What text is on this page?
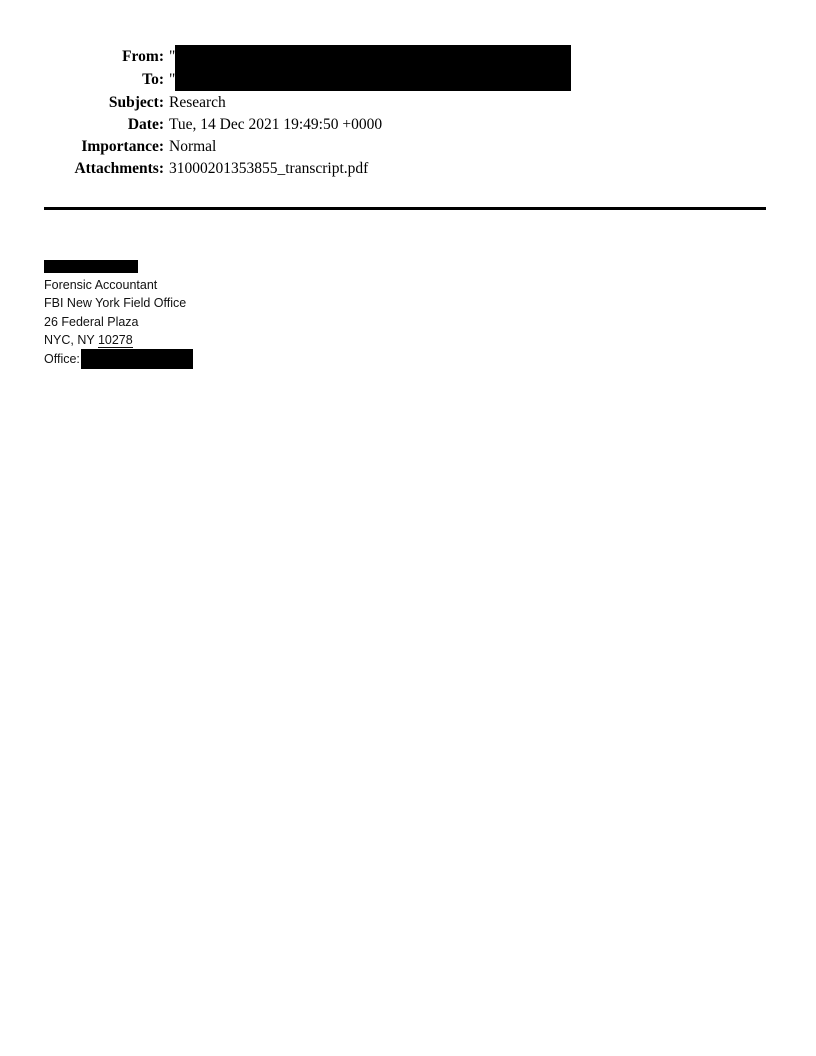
From: "
To: "
Subject: Research
Date: Tue, 14 Dec 2021 19:49:50 +0000
Importance: Normal
Attachments: 31000201353855_transcript.pdf
Forensic Accountant
FBI New York Field Office
26 Federal Plaza
NYC, NY 10278
Office:
